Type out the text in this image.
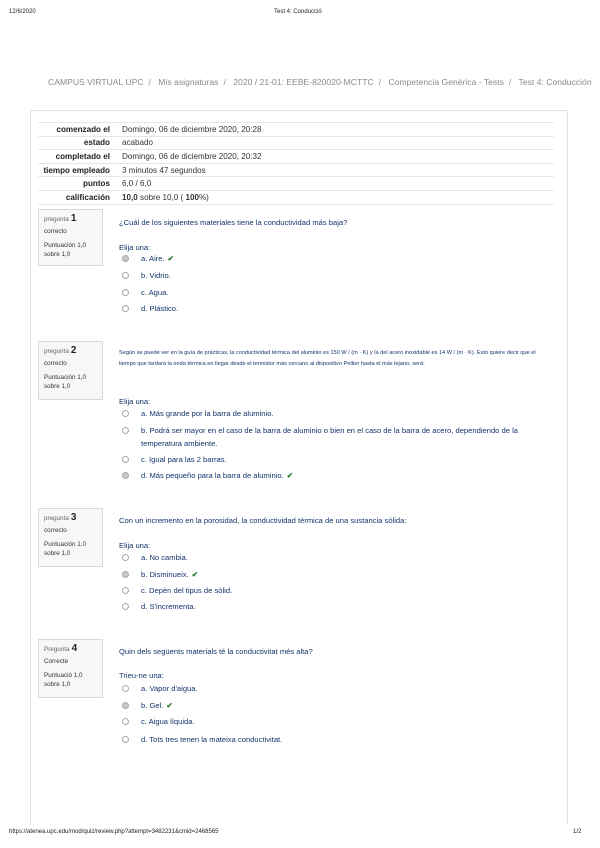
12/6/2020	Test 4: Conducció
CAMPUS VIRTUAL UPC / Mis asignaturas / 2020 / 21-01: EEBE-820020-MCTTC / Competencia Genérica - Tests / Test 4: Conducción
comenzado el	Domingo, 06 de diciembre 2020, 20:28
estado	acabado
completado el	Domingo, 06 de diciembre 2020, 20:32
tiempo empleado	3 minutos 47 segundos
puntos	6,0 / 6,0
calificación	10,0 sobre 10,0 ( 100%)
pregunta 1
correcto
Puntuación 1,0
sobre 1,0
¿Cuál de los siguientes materiales tiene la conductividad más baja?
Elija una:
a. Aire. ✔
b. Vidrio.
c. Agua.
d. Plástico.
pregunta 2
correcto
Puntuación 1,0
sobre 1,0
Según se puede ver en la guía de prácticas, la conductividad térmica del aluminio es 150 W / (m · K) y la del acero inoxidable es 14 W / (m · K). Esto quiere decir que el tiempo que tardará la onda térmica en llegar desde el termistor más cercano al dispositivo Peltier hasta el más lejano, será:
Elija una:
a. Más grande por la barra de aluminio.
b. Podrá ser mayor en el caso de la barra de aluminio o bien en el caso de la barra de acero, dependiendo de la temperatura ambiente.
c. Igual para las 2 barras.
d. Más pequeño para la barra de aluminio. ✔
pregunta 3
correcto
Puntuación 1,0
sobre 1,0
Con un incremento en la porosidad, la conductividad térmica de una sustancia sólida:
Elija una:
a. No cambia.
b. Disminueix. ✔
c. Depèn del tipus de sòlid.
d. S'incrementa.
Pregunta 4
Correcte
Puntuació 1,0
sobre 1,0
Quin dels següents materials té la conductivitat més alta?
Trieu-ne una:
a. Vapor d'aigua.
b. Gel. ✔
c. Aigua líquida.
d. Tots tres tenen la mateixa conductivitat.
https://atenea.upc.edu/mod/quiz/review.php?attempt=3482231&cmid=2468565	1/2
